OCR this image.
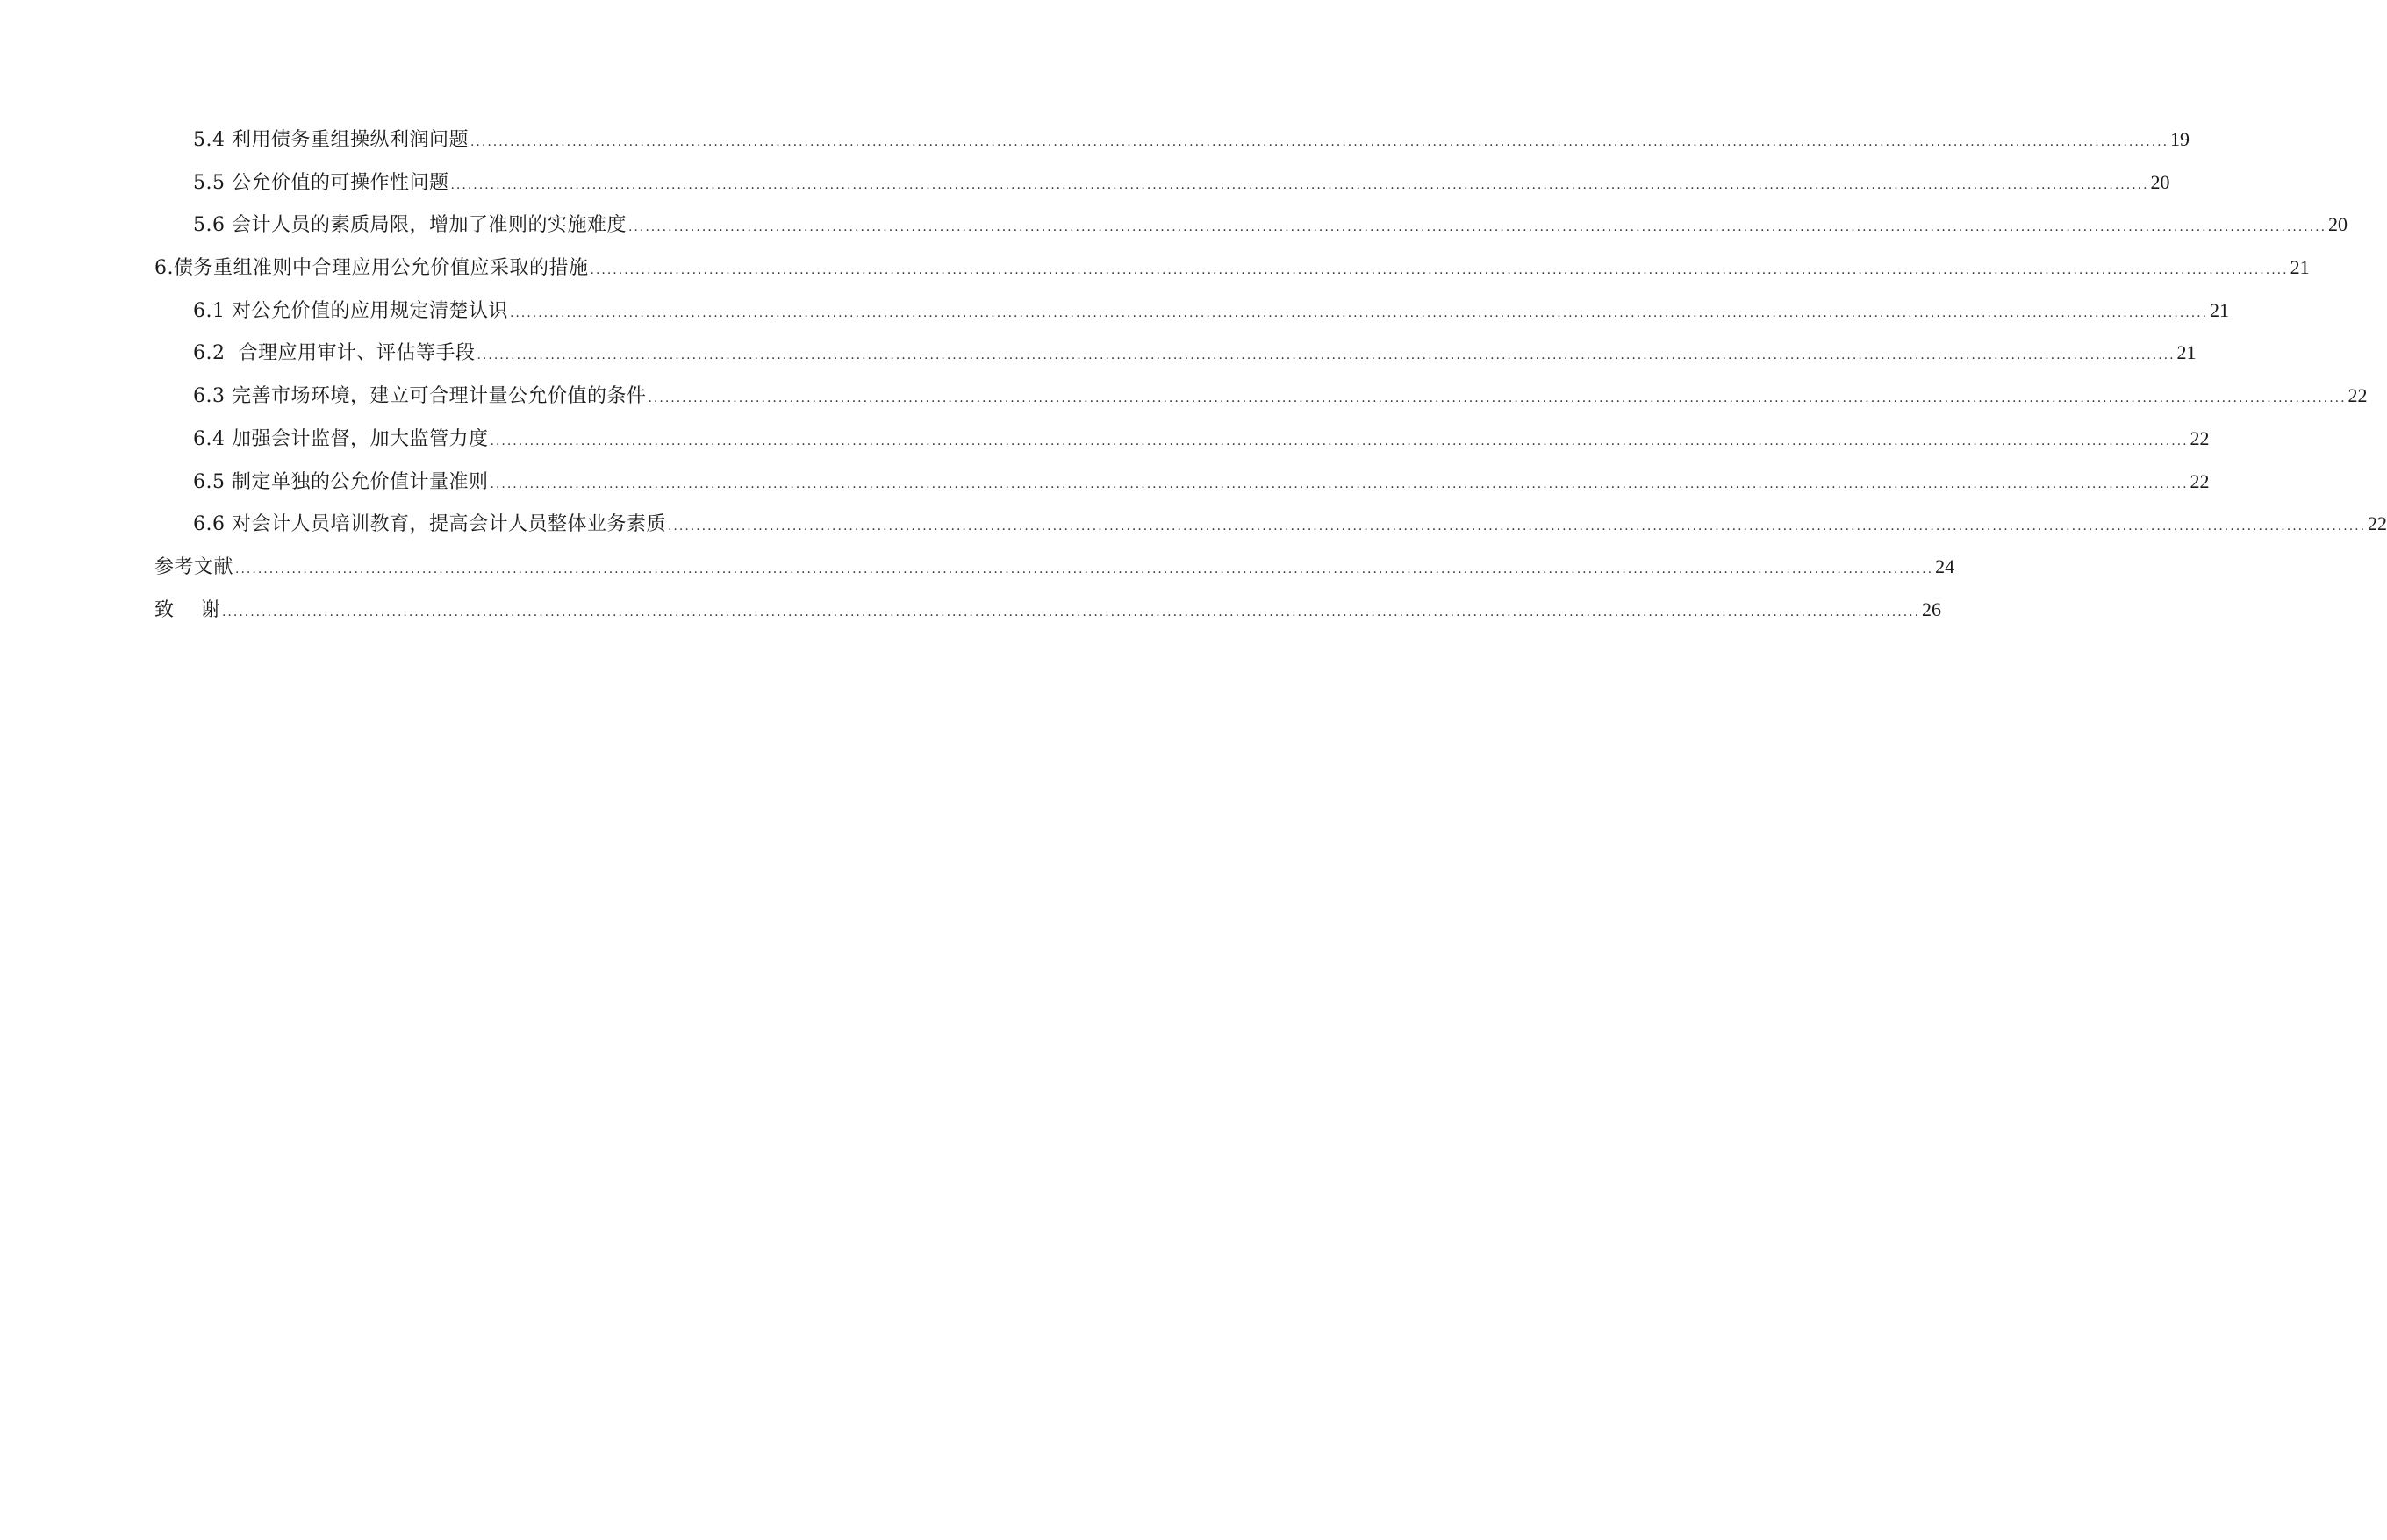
5.4 利用债务重组操纵利润问题 ............................................................................................................................................................................................................................................................................................................ 19
5.5 公允价值的可操作性问题 ............................................................................................................................................................................................................................................................................................................ 20
5.6 会计人员的素质局限，增加了准则的实施难度 ............................................................................................................................................................................................................................................................................................................ 20
6.债务重组准则中合理应用公允价值应采取的措施 ............................................................................................................................................................................................................................................................................................................ 21
6.1 对公允价值的应用规定清楚认识 ............................................................................................................................................................................................................................................................................................................ 21
6.2  合理应用审计、评估等手段 ............................................................................................................................................................................................................................................................................................................ 21
6.3 完善市场环境，建立可合理计量公允价值的条件 ............................................................................................................................................................................................................................................................................................................ 22
6.4 加强会计监督，加大监管力度 ............................................................................................................................................................................................................................................................................................................ 22
6.5 制定单独的公允价值计量准则 ............................................................................................................................................................................................................................................................................................................ 22
6.6 对会计人员培训教育，提高会计人员整体业务素质 ............................................................................................................................................................................................................................................................................................................ 22
参考文献 ............................................................................................................................................................................................................................................................................................................ 24
致    谢 ............................................................................................................................................................................................................................................................................................................ 26
